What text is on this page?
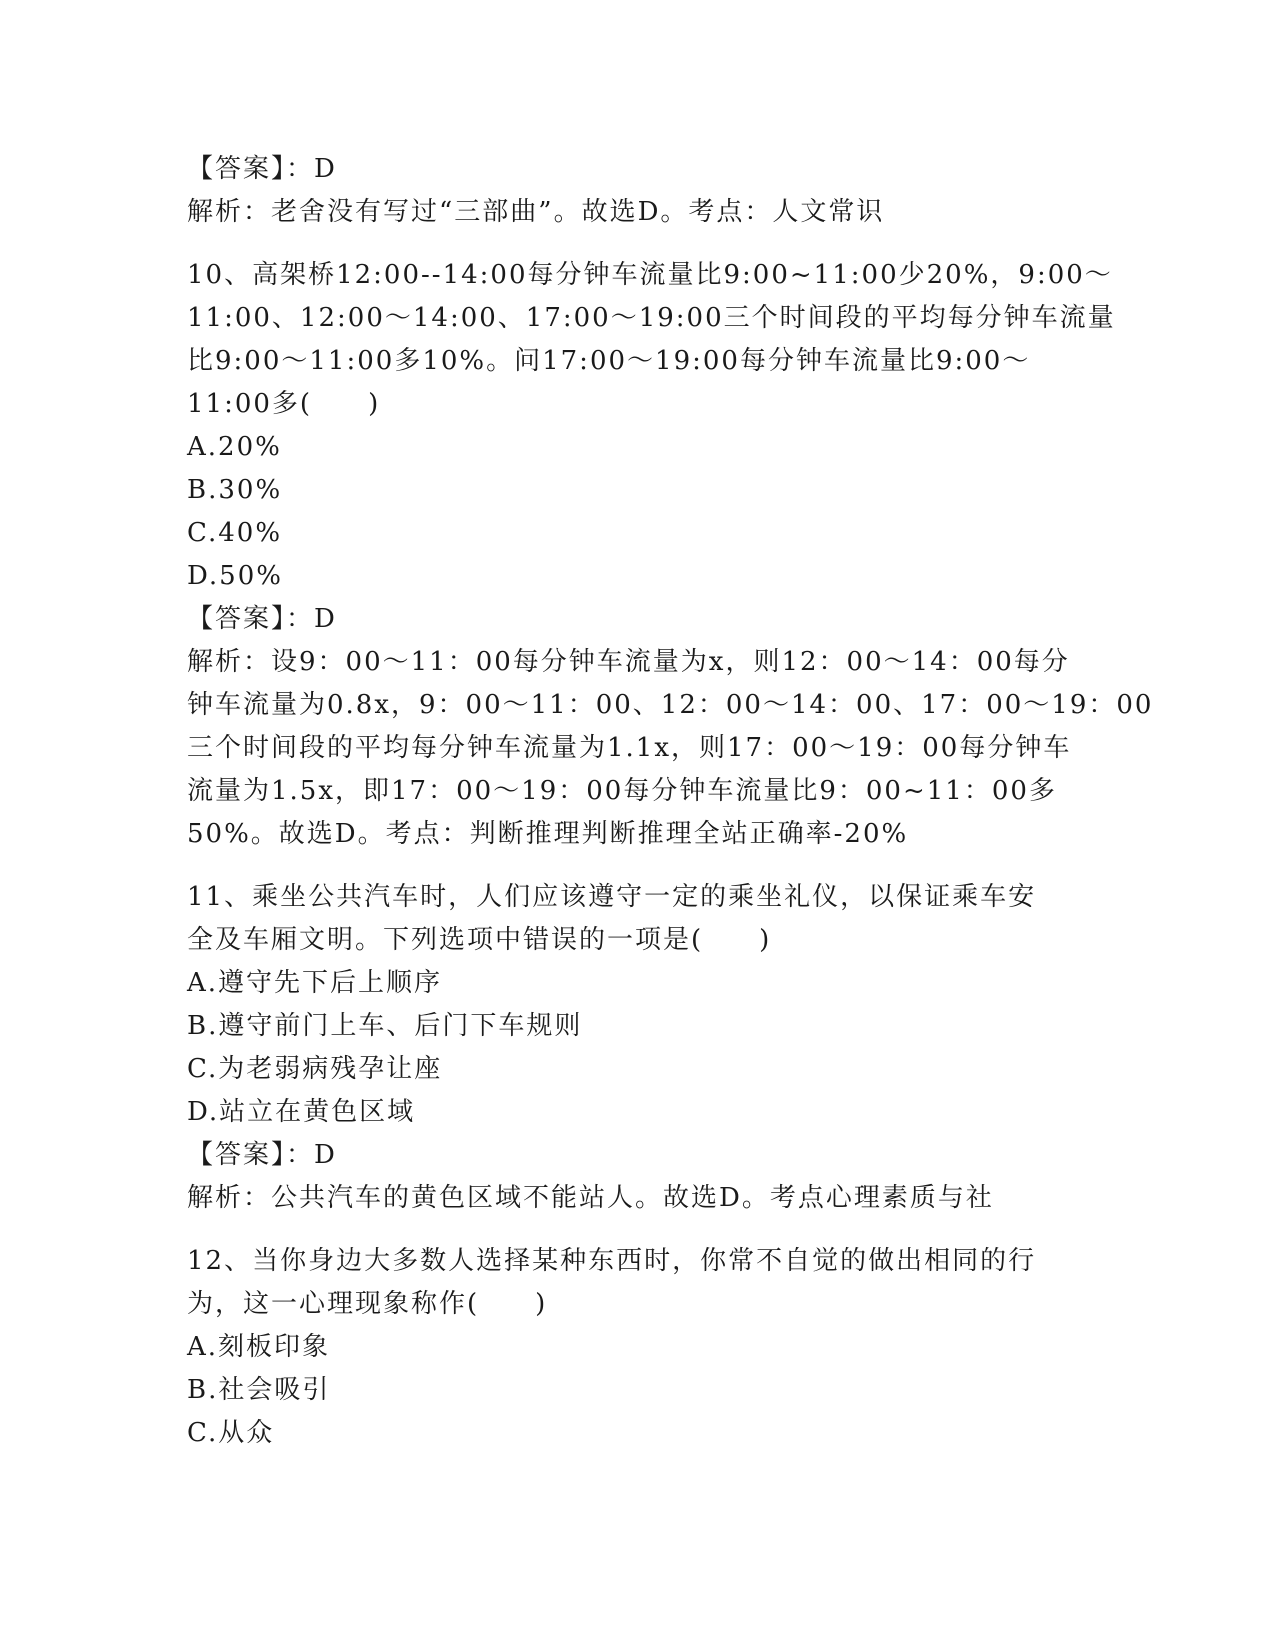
【答案】：D
解析：老舍没有写过“三部曲”。故选D。考点：人文常识
10、高架桥12:00--14:00每分钟车流量比9:00~11:00少20%，9:00～
11:00、12:00～14:00、17:00～19:00三个时间段的平均每分钟车流量
比9:00～11:00多10%。问17:00～19:00每分钟车流量比9:00～
11:00多(　　)
A.20%
B.30%
C.40%
D.50%
【答案】：D
解析：设9：00～11：00每分钟车流量为x，则12：00～14：00每分
钟车流量为0.8x，9：00～11：00、12：00～14：00、17：00～19：00
三个时间段的平均每分钟车流量为1.1x，则17：00～19：00每分钟车
流量为1.5x，即17：00～19：00每分钟车流量比9：00~11：00多
50%。故选D。考点：判断推理判断推理全站正确率-20%
11、乘坐公共汽车时，人们应该遵守一定的乘坐礼仪，以保证乘车安
全及车厢文明。下列选项中错误的一项是(　　)
A.遵守先下后上顺序
B.遵守前门上车、后门下车规则
C.为老弱病残孕让座
D.站立在黄色区域
【答案】：D
解析：公共汽车的黄色区域不能站人。故选D。考点心理素质与社
12、当你身边大多数人选择某种东西时，你常不自觉的做出相同的行
为，这一心理现象称作(　　)
A.刻板印象
B.社会吸引
C.从众
